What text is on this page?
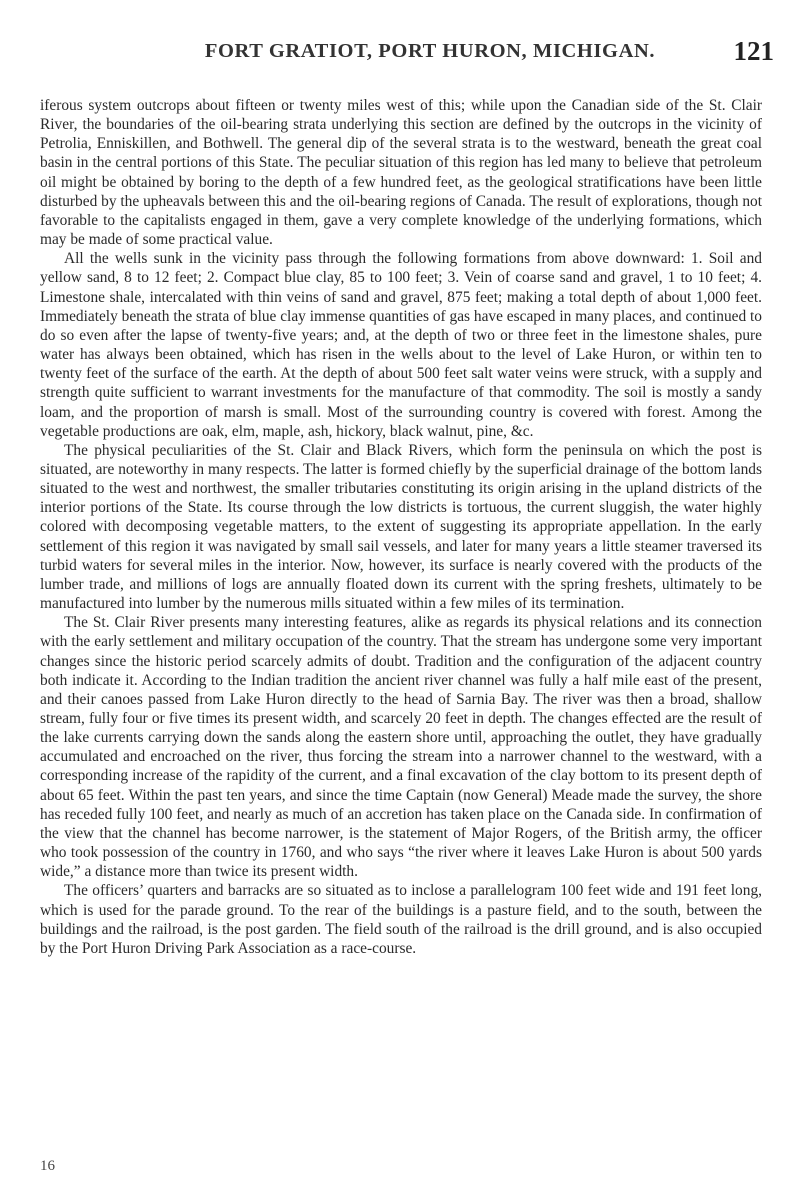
FORT GRATIOT, PORT HURON, MICHIGAN.	121

iferous system outcrops about fifteen or twenty miles west of this; while upon the Canadian side of the St. Clair River, the boundaries of the oil-bearing strata underlying this section are defined by the outcrops in the vicinity of Petrolia, Enniskillen, and Bothwell. The general dip of the several strata is to the westward, beneath the great coal basin in the central portions of this State. The peculiar situation of this region has led many to believe that petroleum oil might be obtained by boring to the depth of a few hundred feet, as the geological stratifications have been little disturbed by the upheavals between this and the oil-bearing regions of Canada. The result of explorations, though not favorable to the capitalists engaged in them, gave a very complete knowledge of the underlying formations, which may be made of some practical value.

All the wells sunk in the vicinity pass through the following formations from above downward: 1. Soil and yellow sand, 8 to 12 feet; 2. Compact blue clay, 85 to 100 feet; 3. Vein of coarse sand and gravel, 1 to 10 feet; 4. Limestone shale, intercalated with thin veins of sand and gravel, 875 feet; making a total depth of about 1,000 feet. Immediately beneath the strata of blue clay immense quantities of gas have escaped in many places, and continued to do so even after the lapse of twenty-five years; and, at the depth of two or three feet in the limestone shales, pure water has always been obtained, which has risen in the wells about to the level of Lake Huron, or within ten to twenty feet of the surface of the earth. At the depth of about 500 feet salt water veins were struck, with a supply and strength quite sufficient to warrant investments for the manufacture of that commodity. The soil is mostly a sandy loam, and the proportion of marsh is small. Most of the surrounding country is covered with forest. Among the vegetable productions are oak, elm, maple, ash, hickory, black walnut, pine, &c.

The physical peculiarities of the St. Clair and Black Rivers, which form the peninsula on which the post is situated, are noteworthy in many respects. The latter is formed chiefly by the superficial drainage of the bottom lands situated to the west and northwest, the smaller tributaries constituting its origin arising in the upland districts of the interior portions of the State. Its course through the low districts is tortuous, the current sluggish, the water highly colored with decomposing vegetable matters, to the extent of suggesting its appropriate appellation. In the early settlement of this region it was navigated by small sail vessels, and later for many years a little steamer traversed its turbid waters for several miles in the interior. Now, however, its surface is nearly covered with the products of the lumber trade, and millions of logs are annually floated down its current with the spring freshets, ultimately to be manufactured into lumber by the numerous mills situated within a few miles of its termination.

The St. Clair River presents many interesting features, alike as regards its physical relations and its connection with the early settlement and military occupation of the country. That the stream has undergone some very important changes since the historic period scarcely admits of doubt. Tradition and the configuration of the adjacent country both indicate it. According to the Indian tradition the ancient river channel was fully a half mile east of the present, and their canoes passed from Lake Huron directly to the head of Sarnia Bay. The river was then a broad, shallow stream, fully four or five times its present width, and scarcely 20 feet in depth. The changes effected are the result of the lake currents carrying down the sands along the eastern shore until, approaching the outlet, they have gradually accumulated and encroached on the river, thus forcing the stream into a narrower channel to the westward, with a corresponding increase of the rapidity of the current, and a final excavation of the clay bottom to its present depth of about 65 feet. Within the past ten years, and since the time Captain (now General) Meade made the survey, the shore has receded fully 100 feet, and nearly as much of an accretion has taken place on the Canada side. In confirmation of the view that the channel has become narrower, is the statement of Major Rogers, of the British army, the officer who took possession of the country in 1760, and who says “the river where it leaves Lake Huron is about 500 yards wide,” a distance more than twice its present width.

The officers’ quarters and barracks are so situated as to inclose a parallelogram 100 feet wide and 191 feet long, which is used for the parade ground. To the rear of the buildings is a pasture field, and to the south, between the buildings and the railroad, is the post garden. The field south of the railroad is the drill ground, and is also occupied by the Port Huron Driving Park Association as a race-course.

16
